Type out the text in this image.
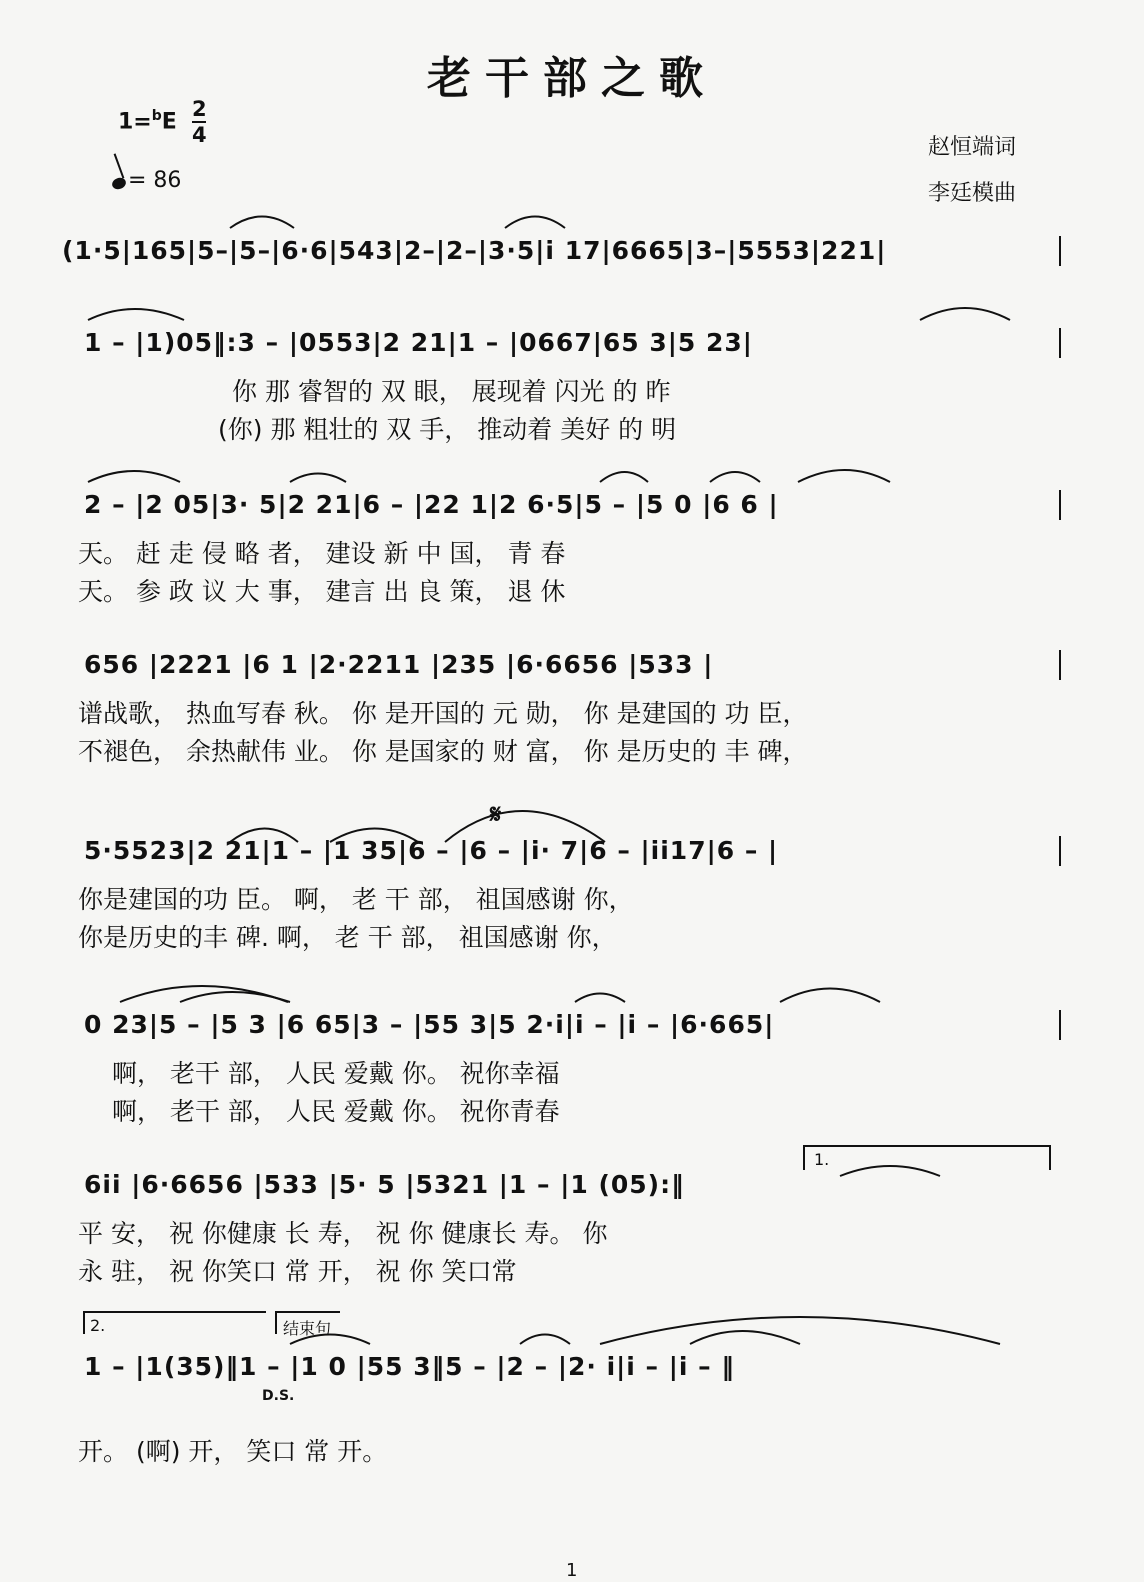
老干部之歌
1=$^b$E
2
4
= 86
赵恒端词
李廷模曲
(1·5|165|5–|5–|6·6|543|2–|2–|3·5|i 17|6665|3–|5553|221|
1 – |1)05‖:3 – |0553|2 21|1 – |0667|65 3|5 23|
你 那 睿智的 双 眼， 展现着 闪光 的 昨
(你) 那 粗壮的 双 手， 推动着 美好 的 明
2 – |2 05|3· 5|2 21|6 – |22 1|2 6·5|5 – |5 0 |6 6 |
天。 赶 走 侵 略 者， 建设 新 中 国， 青 春
天。 参 政 议 大 事， 建言 出 良 策， 退 休
656 |2221 |6 1 |2·2211 |235 |6·6656 |533 |
谱战歌， 热血写春 秋。 你 是开国的 元 勋， 你 是建国的 功 臣，
不褪色， 余热献伟 业。 你 是国家的 财 富， 你 是历史的 丰 碑，
5·5523|2 21|1 – |1 35|6 – |6 – |i· 7|6 – |ii17|6 – |
你是建国的功 臣。 啊， 老 干 部， 祖国感谢 你，
你是历史的丰 碑. 啊， 老 干 部， 祖国感谢 你，
𝄋
0 23|5 – |5 3 |6 65|3 – |55 3|5 2·i|i – |i – |6·665|
啊， 老干 部， 人民 爱戴 你。 祝你幸福
啊， 老干 部， 人民 爱戴 你。 祝你青春
6ii |6·6656 |533 |5· 5 |5321 |1 – |1 (05):‖
平 安， 祝 你健康 长 寿， 祝 你 健康长 寿。 你
永 驻， 祝 你笑口 常 开， 祝 你 笑口常
1.
1 – |1(35)‖1 – |1 0 |55 3‖5 – |2 – |2· i|i – |i – ‖
开。 (啊) 开， 笑口 常 开。
2.	结束句
D.S.
1
